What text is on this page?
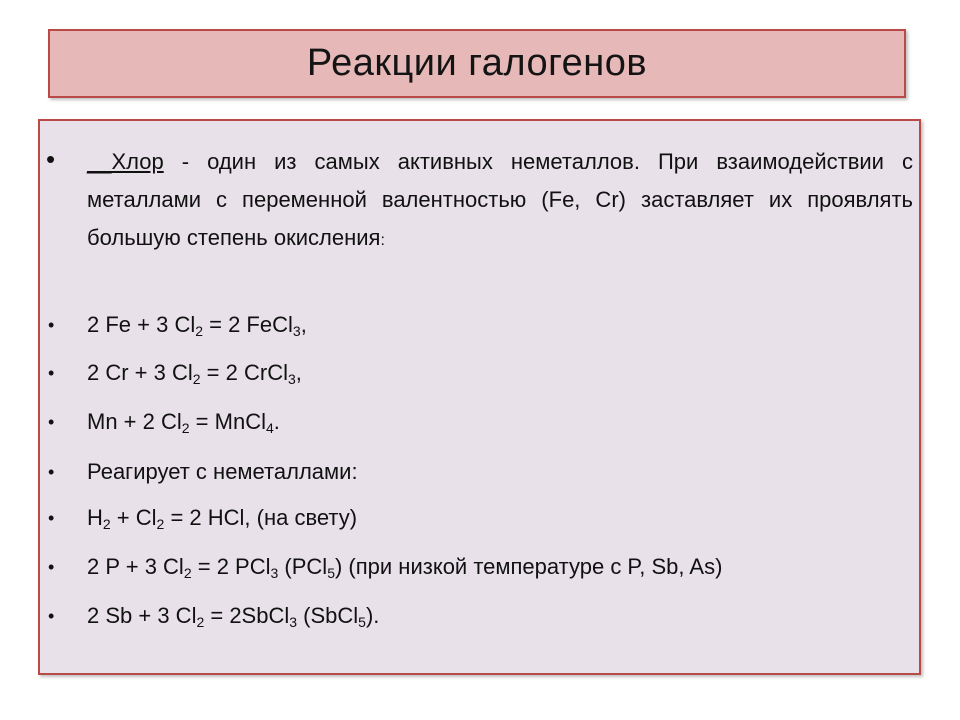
Реакции галогенов
• __Хлор - один из самых активных неметаллов. При взаимодействии с металлами с переменной валентностью (Fe, Cr) заставляет их проявлять большую степень окисления:
• 2 Fe + 3 $Cl_2 = 2$ FeCl$_3$,
• 2 Cr + 3 $Cl_2 = 2$ CrCl$_3$,
• Mn + 2 $Cl_2$ = MnCl$_4$.
• Реагирует с неметаллами:
• $H_2 + Cl_2 = 2$ HCl, (на свету)
• 2 P + 3 $Cl_2 = 2$ PCl$_3$ (PCl$_5$) (при низкой температуре с P, Sb, As)
• 2 Sb + 3 $Cl_2$ = 2SbCl$_3$ (SbCl$_5$).
